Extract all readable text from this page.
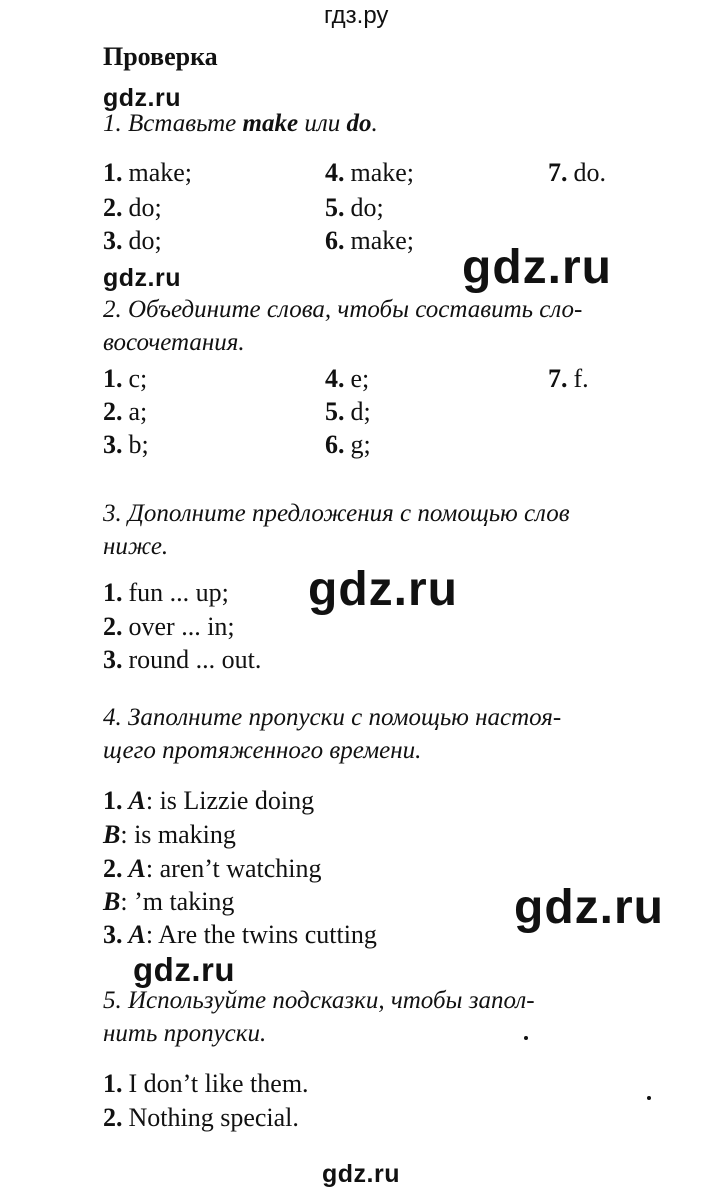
гдз.ру
Проверка
gdz.ru
1. Вставьте make или do.
1. make;	4. make;	7. do.
2. do;	5. do;
3. do;	6. make;
gdz.ru	gdz.ru
2. Объедините слова, чтобы составить сло-
восочетания.
1. c;	4. e;	7. f.
2. a;	5. d;
3. b;	6. g;
3. Дополните предложения с помощью слов
ниже.
1. fun ... up;
2. over ... in;
3. round ... out.
gdz.ru
4. Заполните пропуски с помощью настоя-
щего протяженного времени.
1. A: is Lizzie doing
B: is making
2. A: aren’t watching
B: ’m taking
3. A: Are the twins cutting
gdz.ru
gdz.ru
5. Используйте подсказки, чтобы запол-
нить пропуски.
1. I don’t like them.
2. Nothing special.
gdz.ru
